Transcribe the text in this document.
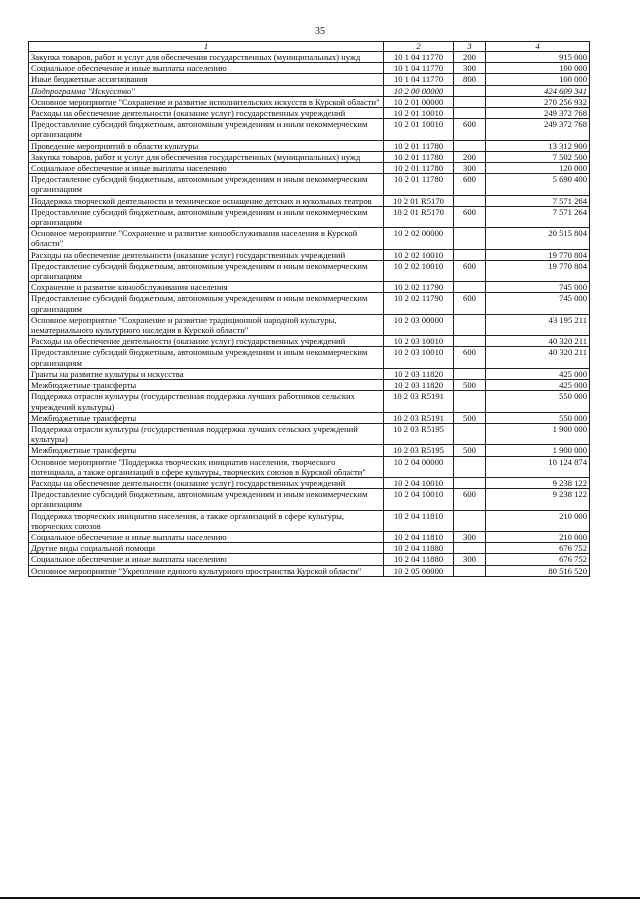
35
1	2	3	4
Закупка товаров, работ и услуг для обеспечения государственных (муниципальных) нужд	10 1 04 11770	200	915 000
Социальное обеспечение и иные выплаты населению	10 1 04 11770	300	100 000
Иные бюджетные ассигнования	10 1 04 11770	800	100 000
Подпрограмма "Искусство"	10 2 00 00000		424 609 341
Основное мероприятие "Сохранение и развитие исполнительских искусств в Курской области"	10 2 01 00000		270 256 932
Расходы на обеспечение деятельности (оказание услуг) государственных учреждений	10 2 01 10010		249 372 768
Предоставление субсидий бюджетным, автономным учреждениям и иным некоммерческим организациям	10 2 01 10010	600	249 372 768
Проведение мероприятий в области культуры	10 2 01 11780		13 312 900
Закупка товаров, работ и услуг для обеспечения государственных (муниципальных) нужд	10 2 01 11780	200	7 502 500
Социальное обеспечение и иные выплаты населению	10 2 01 11780	300	120 000
Предоставление субсидий бюджетным, автономным учреждениям и иным некоммерческим организациям	10 2 01 11780	600	5 690 400
Поддержка творческой деятельности и техническое оснащение детских и кукольных театров	10 2 01 R5170		7 571 264
Предоставление субсидий бюджетным, автономным учреждениям и иным некоммерческим организациям	10 2 01 R5170	600	7 571 264
Основное мероприятие "Сохранение и развитие кинообслуживания населения в Курской области"	10 2 02 00000		20 515 804
Расходы на обеспечение деятельности (оказание услуг) государственных учреждений	10 2 02 10010		19 770 804
Предоставление субсидий бюджетным, автономным учреждениям и иным некоммерческим организациям	10 2 02 10010	600	19 770 804
Сохранение и развитие кинообслуживания населения	10 2 02 11790		745 000
Предоставление субсидий бюджетным, автономным учреждениям и иным некоммерческим организациям	10 2 02 11790	600	745 000
Основное мероприятие "Сохранение и развитие традиционной народной культуры, нематериального культурного наследия в Курской области"	10 2 03 00000		43 195 211
Расходы на обеспечение деятельности (оказание услуг) государственных учреждений	10 2 03 10010		40 320 211
Предоставление субсидий бюджетным, автономным учреждениям и иным некоммерческим организациям	10 2 03 10010	600	40 320 211
Гранты на развитие культуры и искусства	10 2 03 11820		425 000
Межбюджетные трансферты	10 2 03 11820	500	425 000
Поддержка отрасли культуры (государственная поддержка лучших работников сельских учреждений культуры)	10 2 03 R5191		550 000
Межбюджетные трансферты	10 2 03 R5191	500	550 000
Поддержка отрасли культуры (государственная поддержка лучших сельских учреждений культуры)	10 2 03 R5195		1 900 000
Межбюджетные трансферты	10 2 03 R5195	500	1 900 000
Основное мероприятие "Поддержка творческих инициатив населения, творческого потенциала, а также организаций в сфере культуры, творческих союзов в Курской области"	10 2 04 00000		10 124 874
Расходы на обеспечение деятельности (оказание услуг) государственных учреждений	10 2 04 10010		9 238 122
Предоставление субсидий бюджетным, автономным учреждениям и иным некоммерческим организациям	10 2 04 10010	600	9 238 122
Поддержка творческих инициатив населения, а также организаций в сфере культуры, творческих союзов	10 2 04 11810		210 000
Социальное обеспечение и иные выплаты населению	10 2 04 11810	300	210 000
Другие виды социальной помощи	10 2 04 11880		676 752
Социальное обеспечение и иные выплаты населению	10 2 04 11880	300	676 752
Основное мероприятие "Укрепление единого культурного пространства Курской области"	10 2 05 00000		80 516 520
